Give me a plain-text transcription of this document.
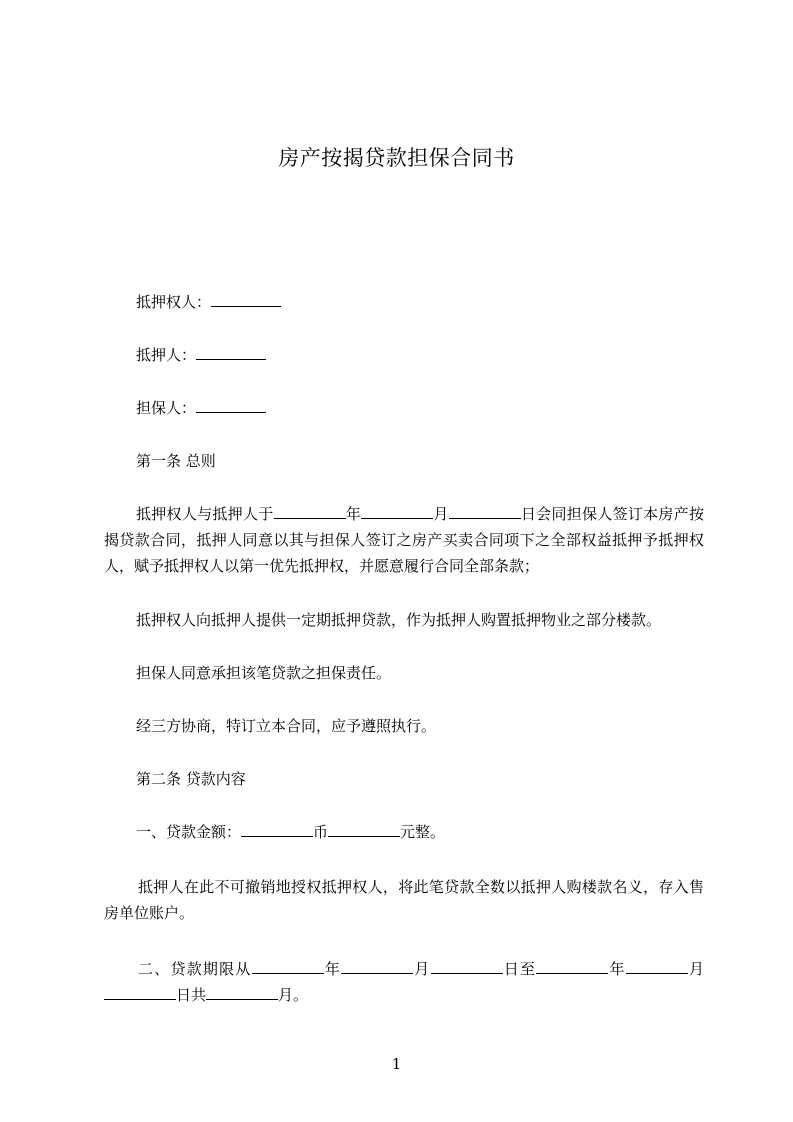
房产按揭贷款担保合同书
抵押权人：
抵押人：
担保人：
第一条 总则
抵押权人与抵押人于	年	月	日会同担保人签订本房产按揭贷款合同，抵押人同意以其与担保人签订之房产买卖合同项下之全部权益抵押予抵押权人，赋予抵押权人以第一优先抵押权，并愿意履行合同全部条款；
抵押权人向抵押人提供一定期抵押贷款，作为抵押人购置抵押物业之部分楼款。
担保人同意承担该笔贷款之担保责任。
经三方协商，特订立本合同，应予遵照执行。
第二条 贷款内容
一、贷款金额：	币	元整。
抵押人在此不可撤销地授权抵押权人，将此笔贷款全数以抵押人购楼款名义，存入售房单位账户。
二、贷款期限从	年	月	日至	年	月日共	月。
1
